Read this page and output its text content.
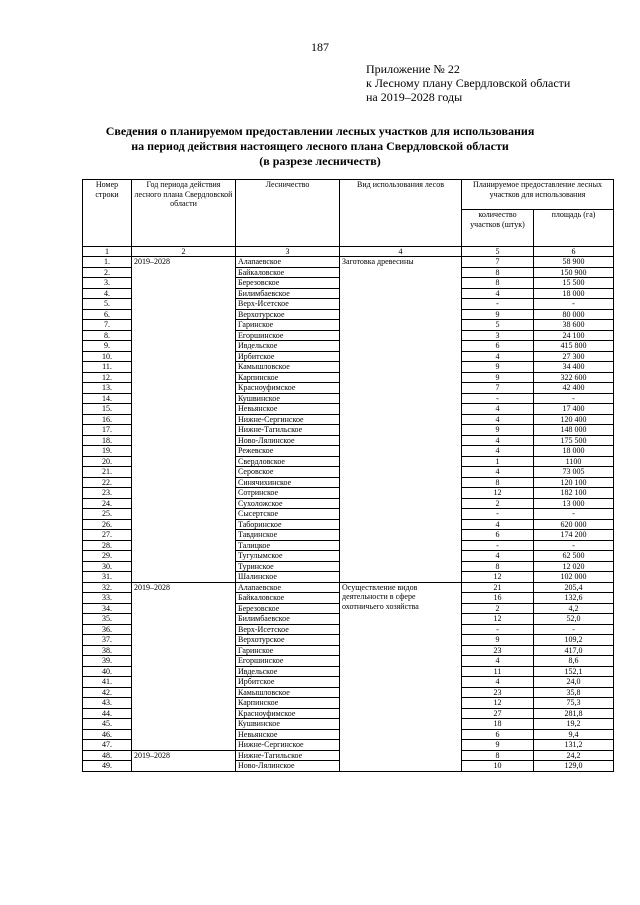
187
Приложение № 22
к Лесному плану Свердловской области
на 2019–2028 годы
Сведения о планируемом предоставлении лесных участков для использования
на период действия настоящего лесного плана Свердловской области
(в разрезе лесничеств)
Номер строки	Год периода действия лесного плана Свердловской области	Лесничество	Вид использования лесов	Планируемое предоставление лесных участков для использования	
				количество участков (штук)	площадь (га)
1	2	3	4	5	6
1.	2019–2028	Алапаевское	Заготовка древесины	7	58 900
2.		Байкаловское		8	150 900
3.		Березовское		8	15 500
4.		Билимбаевское		4	18 000
5.		Верх-Исетское		-	-
6.		Верхотурское		9	80 000
7.		Гаринское		5	38 600
8.		Егоршинское		3	24 100
9.		Ивдельское		6	415 800
10.		Ирбитское		4	27 300
11.		Камышловское		9	34 400
12.		Карпинское		9	322 600
13.		Красноуфимское		7	42 400
14.		Кушвинское		-	-
15.		Невьянское		4	17 400
16.		Нижне-Сергинское		4	120 400
17.		Нижне-Тагильское		9	148 000
18.		Ново-Лялинское		4	175 500
19.		Режевское		4	18 000
20.		Свердловское		1	1100
21.		Серовское		4	73 005
22.		Синячихинское		8	120 100
23.		Сотринское		12	182 100
24.		Сухоложское		2	13 000
25.		Сысертское		-	-
26.		Таборинское		4	620 000
27.		Тавдинское		6	174 200
28.		Талицкое		-	-
29.		Тугулымское		4	62 500
30.		Туринское		8	12 020
31.		Шалинское		12	102 000
32.	2019–2028	Алапаевское	Осуществление видов деятельности в сфере охотничьего хозяйства	21	205,4
33.		Байкаловское		16	132,6
34.		Березовское		2	4,2
35.		Билимбаевское		12	52,0
36.		Верх-Исетское		-	-
37.		Верхотурское		9	109,2
38.		Гаринское		23	417,0
39.		Егоршинское		4	8,6
40.		Ивдельское		11	152,1
41.		Ирбитское		4	24,0
42.		Камышловское		23	35,8
43.		Карпинское		12	75,3
44.		Красноуфимское		27	281,8
45.		Кушвинское		18	19,2
46.		Невьянское		6	9,4
47.		Нижне-Сергинское		9	131,2
48.	2019–2028	Нижне-Тагильское		8	24,2
49.		Ново-Лялинское		10	129,0
